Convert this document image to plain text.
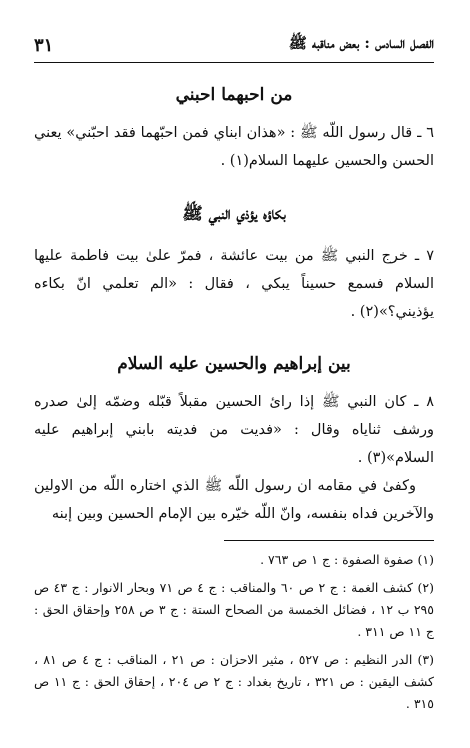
الفصل السادس : بعض مناقبه ﷺ
٣١
من احبهما احبني

٦ ـ قال رسول اللّه ﷺ : «هذان ابناي فمن احبّهما فقد احبّني» يعني الحسن والحسين عليهما السلام(١) .

بكاؤه يؤذي النبي ﷺ

٧ ـ خرج النبي ﷺ من بيت عائشة ، فمرّ علىٰ بيت فاطمة عليها السلام فسمع حسيناً يبكي ، فقال : «الم تعلمي انّ بكاءه يؤذيني؟»(٢) .

بين إبراهيم والحسين عليه السلام

٨ ـ كان النبي ﷺ إذا رائ الحسين مقبلاً قبّله وضمّه إلىٰ صدره ورشف ثناياه وقال : «فديت من فديته بابني إبراهيم عليه السلام»(٣) .

وكفىٰ في مقامه ان رسول اللّه ﷺ الذي اختاره اللّه من الاولين والآخرين فداه بنفسه، وانّ اللّه خيّره بين الإمام الحسين وبين إبنه

(١) صفوة الصفوة : ج ١ ص ٧٦٣ .

(٢) كشف الغمة : ج ٢ ص ٦٠ والمناقب : ج ٤ ص ٧١ وبحار الانوار : ج ٤٣ ص ٢٩٥ ب ١٢ ، فضائل الخمسة من الصحاح الستة : ج ٣ ص ٢٥٨ وإحقاق الحق : ج ١١ ص ٣١١ .

(٣) الدر النظيم : ص ٥٢٧ ، مثير الاحزان : ص ٢١ ، المناقب : ج ٤ ص ٨١ ، كشف اليقين : ص ٣٢١ ، تاريخ بغداد : ج ٢ ص ٢٠٤ ، إحقاق الحق : ج ١١ ص ٣١٥ .
